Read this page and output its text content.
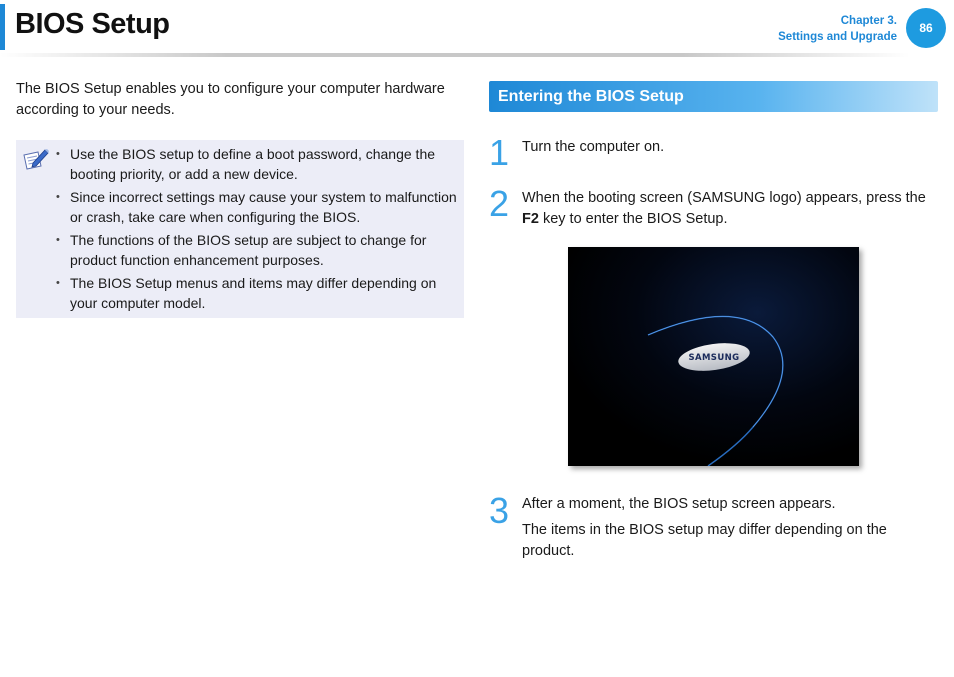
BIOS Setup	Chapter 3.
Settings and Upgrade
86

The BIOS Setup enables you to configure your computer hardware according to your needs.

• Use the BIOS setup to define a boot password, change the booting priority, or add a new device.
• Since incorrect settings may cause your system to malfunction or crash, take care when configuring the BIOS.
• The functions of the BIOS setup are subject to change for product function enhancement purposes.
• The BIOS Setup menus and items may differ depending on your computer model.
Entering the BIOS Setup
1 Turn the computer on.

2 When the booting screen (SAMSUNG logo) appears, press the F2 key to enter the BIOS Setup.

SAMSUNG
3 After a moment, the BIOS setup screen appears.

The items in the BIOS setup may differ depending on the product.
